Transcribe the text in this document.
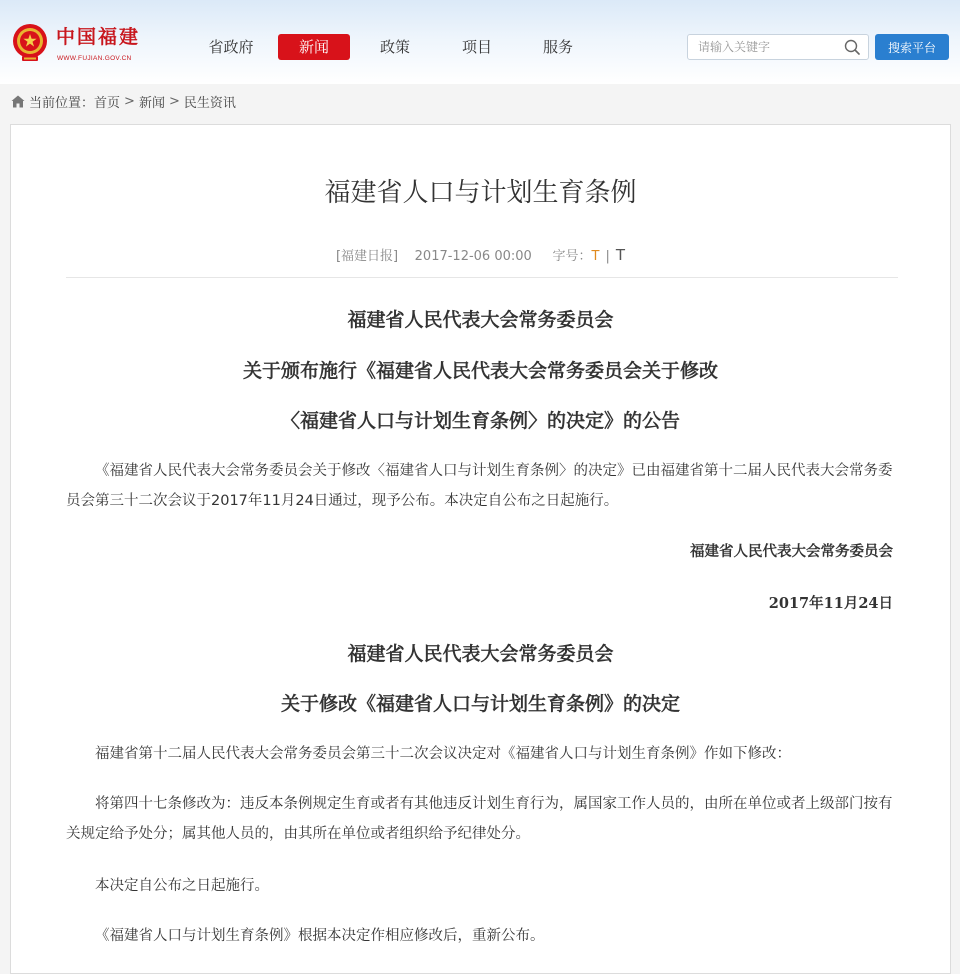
中国福建
WWW.FUJIAN.GOV.CN
省政府	新闻	政策	项目	服务
请输入关键字	搜索平台
当前位置： 首页 > 新闻 > 民生资讯
福建省人口与计划生育条例
[福建日报] 2017-12-06 00:00 字号：T | T
福建省人民代表大会常务委员会
关于颁布施行《福建省人民代表大会常务委员会关于修改
〈福建省人口与计划生育条例〉的决定》的公告
《福建省人民代表大会常务委员会关于修改〈福建省人口与计划生育条例〉的决定》已由福建省第十二届人民代表大会常务委员会第三十二次会议于2017年11月24日通过，现予公布。本决定自公布之日起施行。
福建省人民代表大会常务委员会
2017年11月24日
福建省人民代表大会常务委员会
关于修改《福建省人口与计划生育条例》的决定
福建省第十二届人民代表大会常务委员会第三十二次会议决定对《福建省人口与计划生育条例》作如下修改：
将第四十七条修改为：违反本条例规定生育或者有其他违反计划生育行为，属国家工作人员的，由所在单位或者上级部门按有关规定给予处分；属其他人员的，由其所在单位或者组织给予纪律处分。
本决定自公布之日起施行。
《福建省人口与计划生育条例》根据本决定作相应修改后，重新公布。
